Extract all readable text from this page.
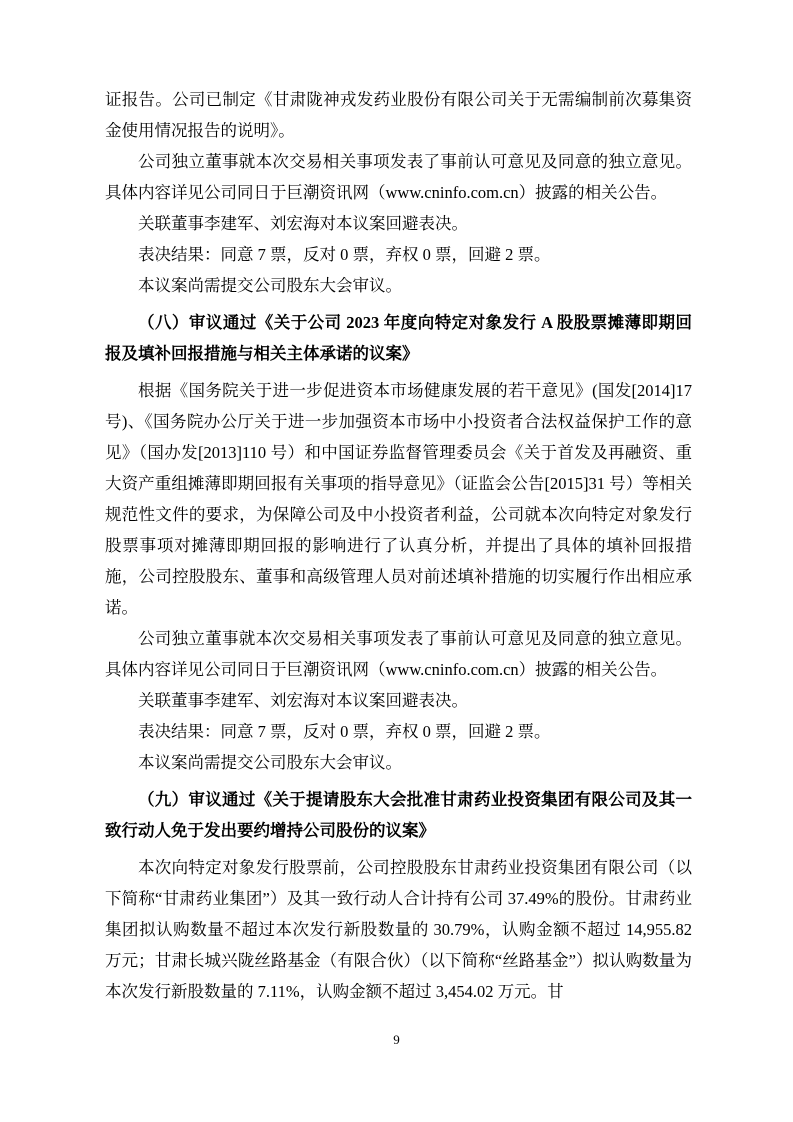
证报告。公司已制定《甘肃陇神戎发药业股份有限公司关于无需编制前次募集资金使用情况报告的说明》。

公司独立董事就本次交易相关事项发表了事前认可意见及同意的独立意见。具体内容详见公司同日于巨潮资讯网（www.cninfo.com.cn）披露的相关公告。

关联董事李建军、刘宏海对本议案回避表决。

表决结果：同意 7 票，反对 0 票，弃权 0 票，回避 2 票。

本议案尚需提交公司股东大会审议。

（八）审议通过《关于公司 2023 年度向特定对象发行 A 股股票摊薄即期回报及填补回报措施与相关主体承诺的议案》

根据《国务院关于进一步促进资本市场健康发展的若干意见》(国发[2014]17 号)、《国务院办公厅关于进一步加强资本市场中小投资者合法权益保护工作的意见》（国办发[2013]110 号）和中国证券监督管理委员会《关于首发及再融资、重大资产重组摊薄即期回报有关事项的指导意见》（证监会公告[2015]31 号）等相关规范性文件的要求，为保障公司及中小投资者利益，公司就本次向特定对象发行股票事项对摊薄即期回报的影响进行了认真分析，并提出了具体的填补回报措施，公司控股股东、董事和高级管理人员对前述填补措施的切实履行作出相应承诺。

公司独立董事就本次交易相关事项发表了事前认可意见及同意的独立意见。具体内容详见公司同日于巨潮资讯网（www.cninfo.com.cn）披露的相关公告。

关联董事李建军、刘宏海对本议案回避表决。

表决结果：同意 7 票，反对 0 票，弃权 0 票，回避 2 票。

本议案尚需提交公司股东大会审议。

（九）审议通过《关于提请股东大会批准甘肃药业投资集团有限公司及其一致行动人免于发出要约增持公司股份的议案》

本次向特定对象发行股票前，公司控股股东甘肃药业投资集团有限公司（以下简称“甘肃药业集团”）及其一致行动人合计持有公司 37.49%的股份。甘肃药业集团拟认购数量不超过本次发行新股数量的 30.79%，认购金额不超过 14,955.82 万元；甘肃长城兴陇丝路基金（有限合伙）（以下简称“丝路基金”）拟认购数量为本次发行新股数量的 7.11%，认购金额不超过 3,454.02 万元。甘

9
